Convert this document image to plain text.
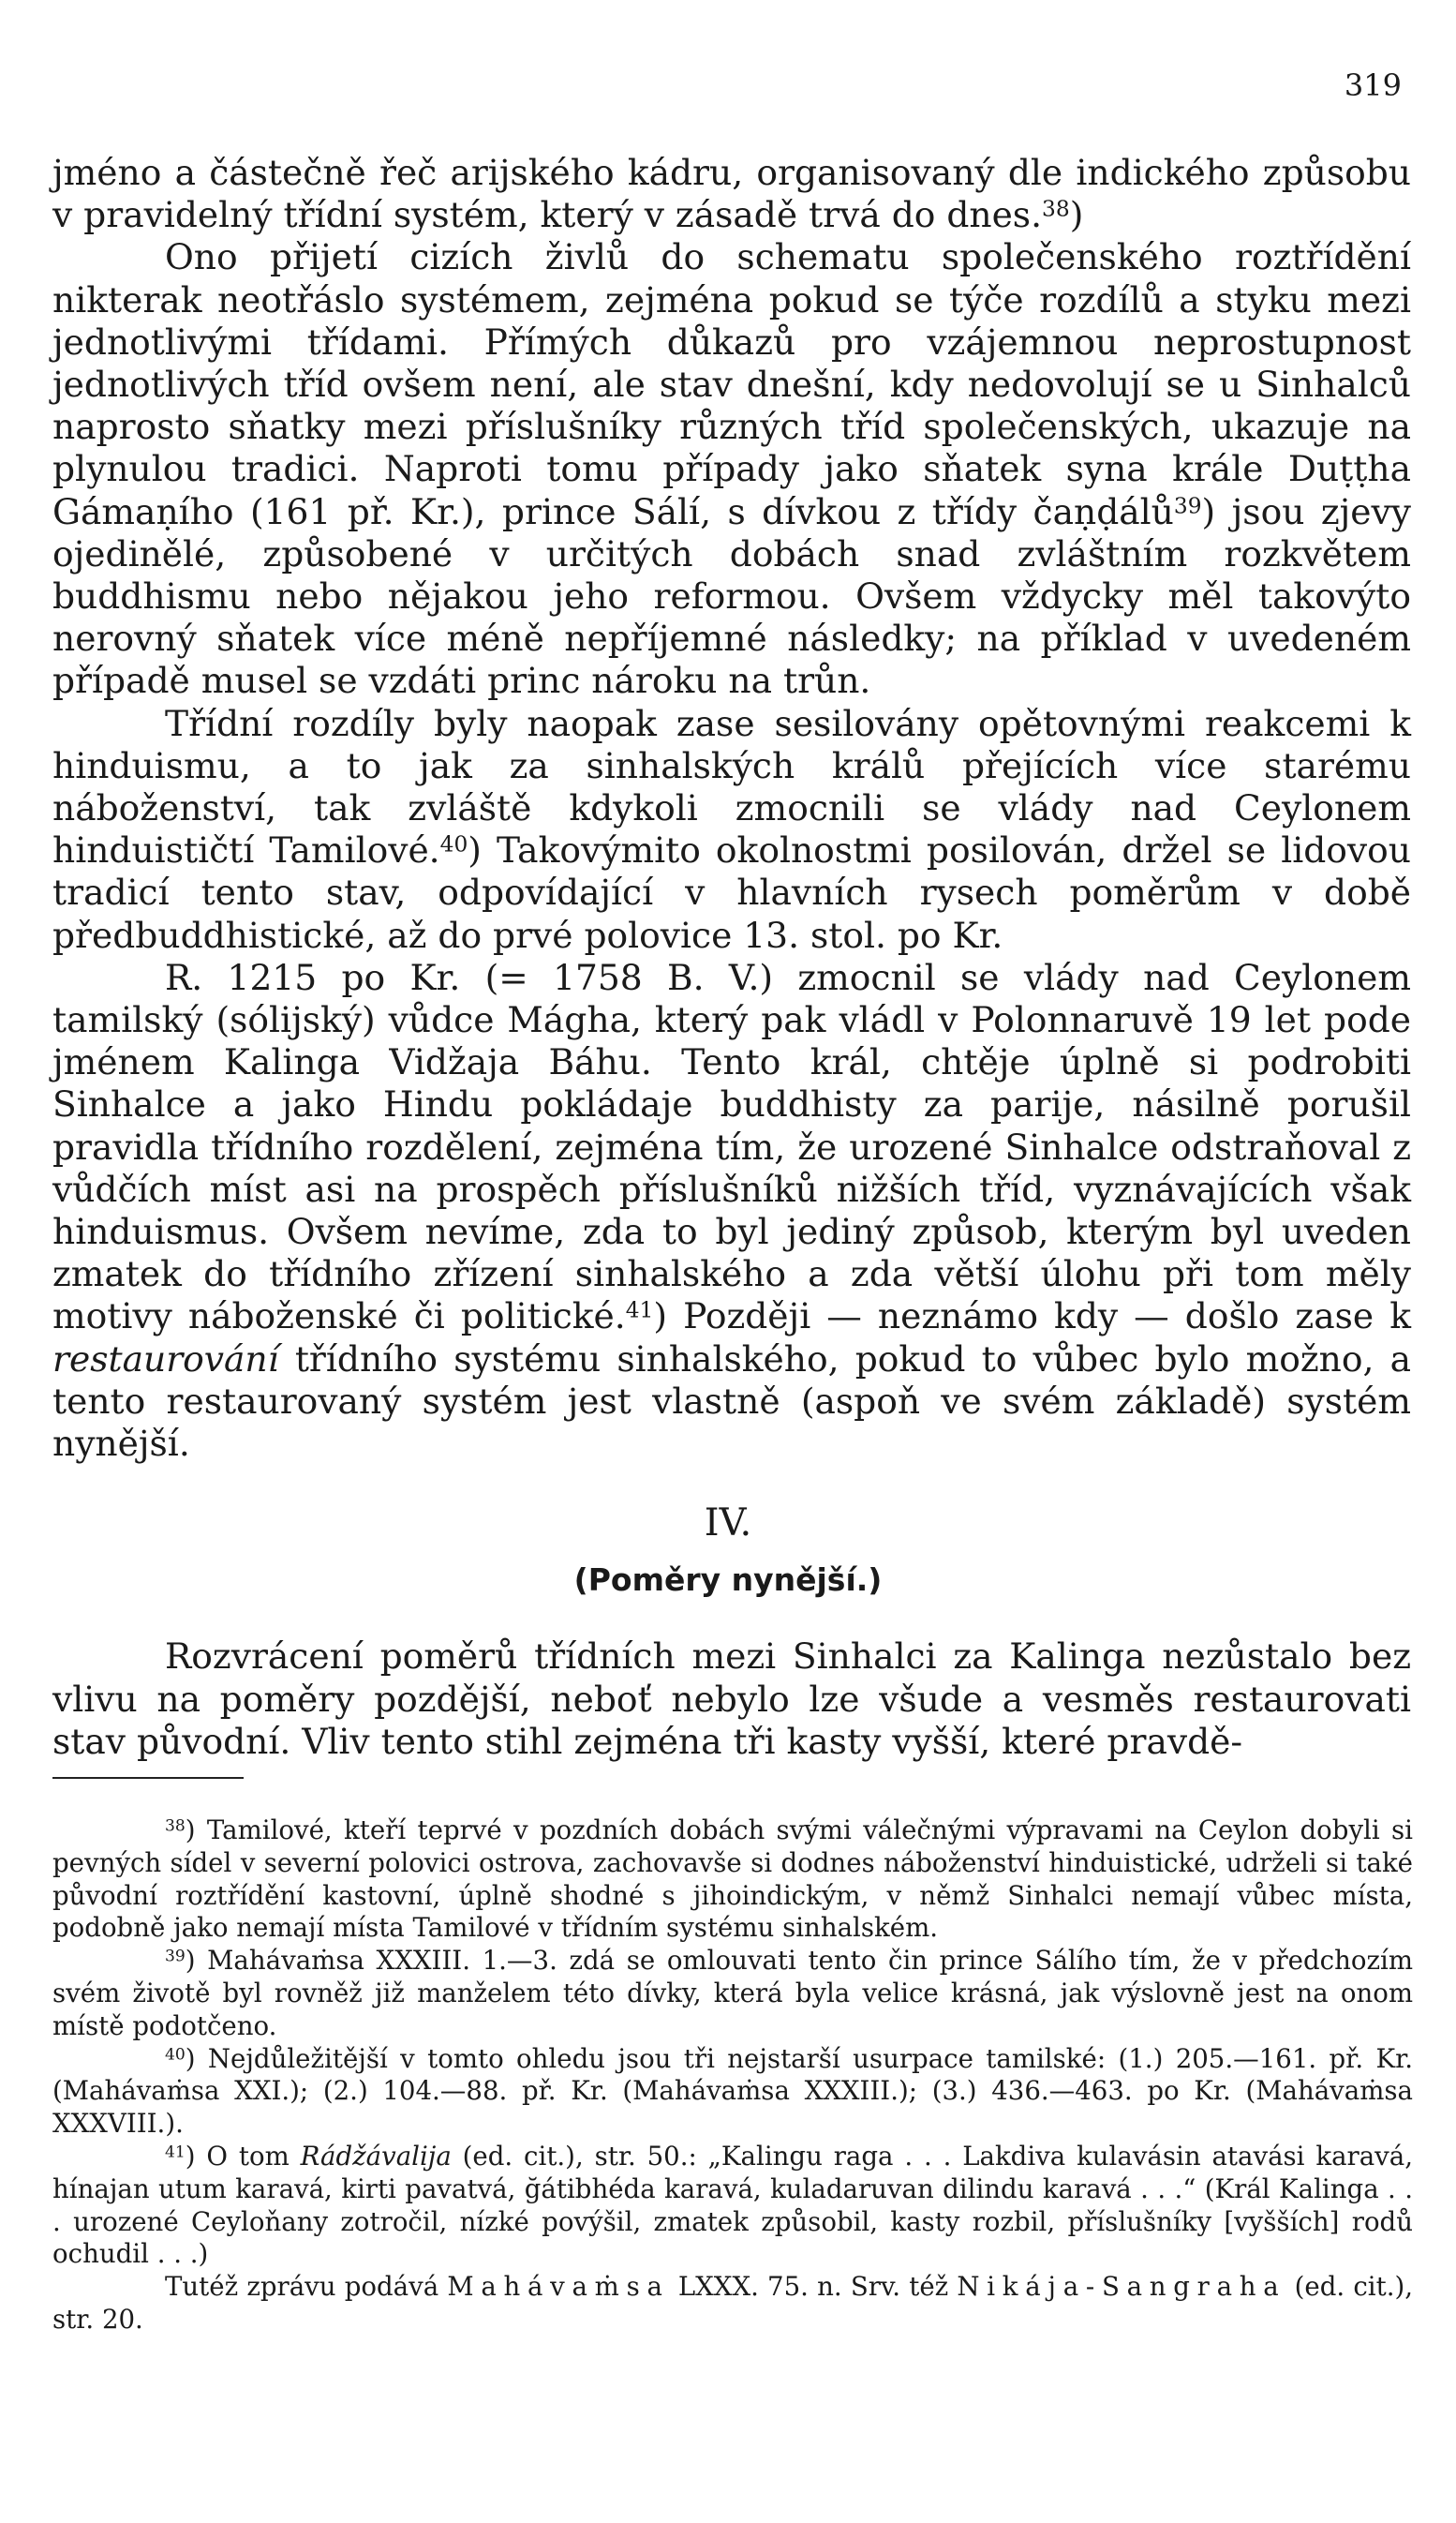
319

jméno a částečně řeč arijského kádru, organisovaný dle indického způsobu v pravidelný třídní systém, který v zásadě trvá do dnes.$^{38}$)

Ono přijetí cizích živlů do schematu společenského roztřídění nikterak neotřáslo systémem, zejména pokud se týče rozdílů a styku mezi jednotlivými třídami. Přímých důkazů pro vzájemnou neprostupnost jednotlivých tříd ovšem není, ale stav dnešní, kdy nedovolují se u Sinhalců naprosto sňatky mezi příslušníky různých tříd společenských, ukazuje na plynulou tradici. Naproti tomu případy jako sňatek syna krále Duṭṭha Gámaṇího (161 př. Kr.), prince Sálí, s dívkou z třídy čaṇḍálů$^{39}$) jsou zjevy ojedinělé, způsobené v určitých dobách snad zvláštním rozkvětem buddhismu nebo nějakou jeho reformou. Ovšem vždycky měl takovýto nerovný sňatek více méně nepříjemné následky; na příklad v uvedeném případě musel se vzdáti princ nároku na trůn.

Třídní rozdíly byly naopak zase sesilovány opětovnými reakcemi k hinduismu, a to jak za sinhalských králů přejících více starému náboženství, tak zvláště kdykoli zmocnili se vlády nad Ceylonem hinduističtí Tamilové.$^{40}$) Takovýmito okolnostmi posilován, držel se lidovou tradicí tento stav, odpovídající v hlavních rysech poměrům v době předbuddhistické, až do prvé polovice 13. stol. po Kr.

R. 1215 po Kr. (= 1758 B. V.) zmocnil se vlády nad Ceylonem tamilský (sólijský) vůdce Mágha, který pak vládl v Polonnaruvě 19 let pode jménem Kalinga Vidžaja Báhu. Tento král, chtěje úplně si podrobiti Sinhalce a jako Hindu pokládaje buddhisty za parije, násilně porušil pravidla třídního rozdělení, zejména tím, že urozené Sinhalce odstraňoval z vůdčích míst asi na prospěch příslušníků nižších tříd, vyznávajících však hinduismus. Ovšem nevíme, zda to byl jediný způsob, kterým byl uveden zmatek do třídního zřízení sinhalského a zda větší úlohu při tom měly motivy náboženské či politické.$^{41}$) Později — neznámo kdy — došlo zase k restaurování třídního systému sinhalského, pokud to vůbec bylo možno, a tento restaurovaný systém jest vlastně (aspoň ve svém základě) systém nynější.

IV.
(Poměry nynější.)

Rozvrácení poměrů třídních mezi Sinhalci za Kalinga nezůstalo bez vlivu na poměry pozdější, neboť nebylo lze všude a vesměs restaurovati stav původní. Vliv tento stihl zejména tři kasty vyšší, které pravdě-

$^{38}$) Tamilové, kteří teprvé v pozdních dobách svými válečnými výpravami na Ceylon dobyli si pevných sídel v severní polovici ostrova, zachovavše si dodnes náboženství hinduistické, udrželi si také původní roztřídění kastovní, úplně shodné s jihoindickým, v němž Sinhalci nemají vůbec místa, podobně jako nemají místa Tamilové v třídním systému sinhalském.

$^{39}$) Mahávaṁsa XXXIII. 1.—3. zdá se omlouvati tento čin prince Sálího tím, že v předchozím svém životě byl rovněž již manželem této dívky, která byla velice krásná, jak výslovně jest na onom místě podotčeno.

$^{40}$) Nejdůležitější v tomto ohledu jsou tři nejstarší usurpace tamilské: (1.) 205.—161. př. Kr. (Mahávaṁsa XXI.); (2.) 104.—88. př. Kr. (Mahávaṁsa XXXIII.); (3.) 436.—463. po Kr. (Mahávaṁsa XXXVIII.).

$^{41}$) O tom Rádžávalija (ed. cit.), str. 50.: „Kalingu raga . . . Lakdiva kulavásin atavási karavá, hínajan utum karavá, kirti pavatvá, ğátibhéda karavá, kuladaruvan dilindu karavá . . .“ (Král Kalinga . . . urozené Ceyloňany zotročil, nízké povýšil, zmatek způsobil, kasty rozbil, příslušníky [vyšších] rodů ochudil . . .)

Tutéž zprávu podává Mahávaṁsa LXXX. 75. n. Srv. též Nikája-Sangraha (ed. cit.), str. 20.
